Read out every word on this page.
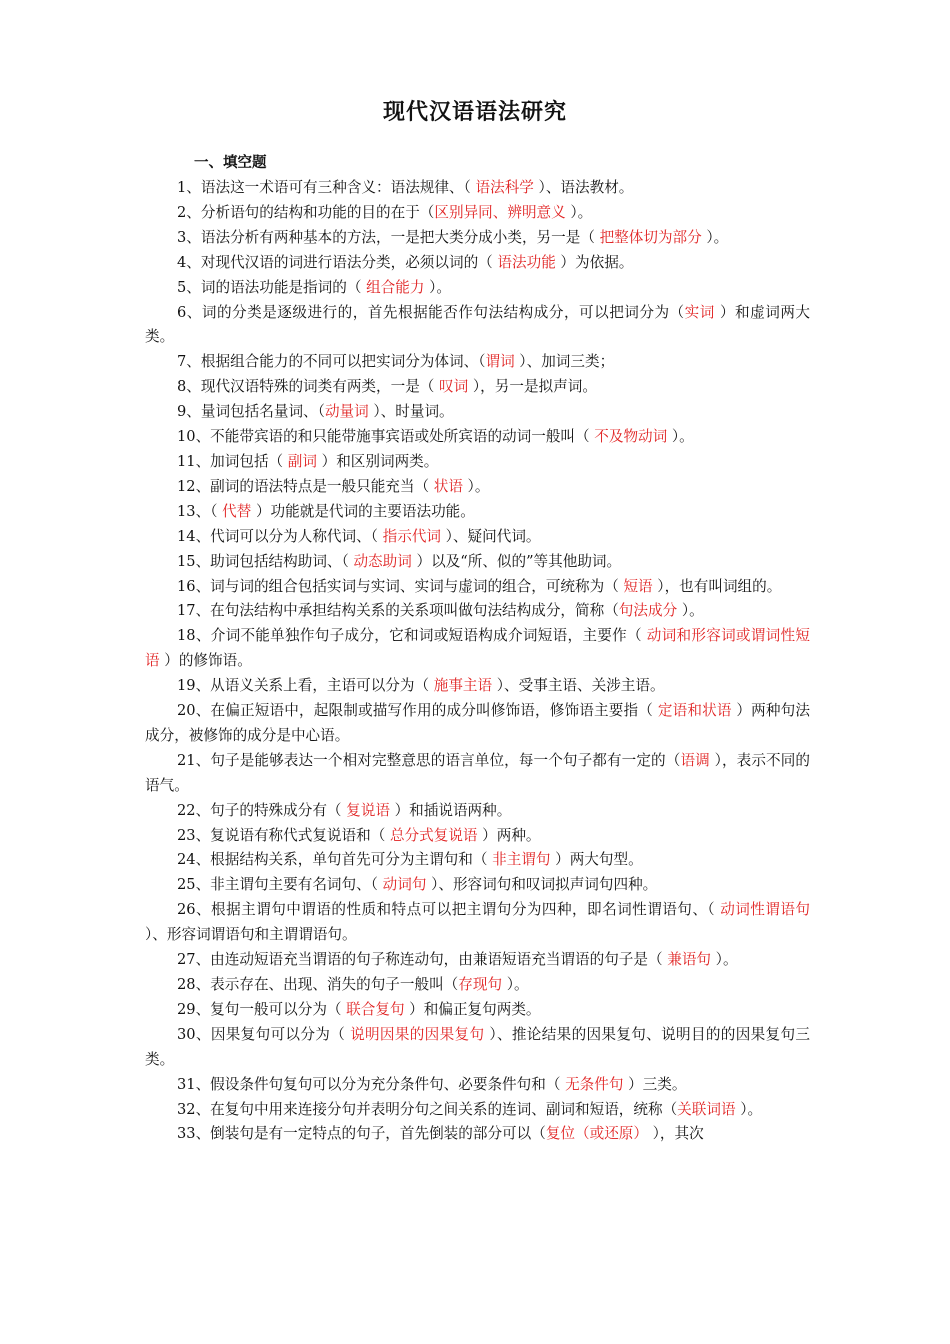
现代汉语语法研究
一、填空题
1、语法这一术语可有三种含义：语法规律、（ 语法科学 ）、语法教材。
2、分析语句的结构和功能的目的在于（区别异同、辨明意义 ）。
3、语法分析有两种基本的方法，一是把大类分成小类，另一是（ 把整体切为部分 ）。
4、对现代汉语的词进行语法分类，必须以词的（ 语法功能 ）为依据。
5、词的语法功能是指词的（ 组合能力 ）。
6、词的分类是逐级进行的，首先根据能否作句法结构成分，可以把词分为（实词 ）和虚词两大类。
7、根据组合能力的不同可以把实词分为体词、（谓词 ）、加词三类；
8、现代汉语特殊的词类有两类，一是（ 叹词 ），另一是拟声词。
9、量词包括名量词、（动量词 ）、时量词。
10、不能带宾语的和只能带施事宾语或处所宾语的动词一般叫（ 不及物动词 ）。
11、加词包括（ 副词 ）和区别词两类。
12、副词的语法特点是一般只能充当（ 状语 ）。
13、（ 代替 ）功能就是代词的主要语法功能。
14、代词可以分为人称代词、（ 指示代词 ）、疑问代词。
15、助词包括结构助词、（ 动态助词 ）以及“所、似的”等其他助词。
16、词与词的组合包括实词与实词、实词与虚词的组合，可统称为（ 短语 ），也有叫词组的。
17、在句法结构中承担结构关系的关系项叫做句法结构成分，简称（句法成分 ）。
18、介词不能单独作句子成分，它和词或短语构成介词短语，主要作（ 动词和形容词或谓词性短语 ）的修饰语。
19、从语义关系上看，主语可以分为（ 施事主语 ）、受事主语、关涉主语。
20、在偏正短语中，起限制或描写作用的成分叫修饰语，修饰语主要指（ 定语和状语 ）两种句法成分，被修饰的成分是中心语。
21、句子是能够表达一个相对完整意思的语言单位，每一个句子都有一定的（语调 ），表示不同的语气。
22、句子的特殊成分有（ 复说语 ）和插说语两种。
23、复说语有称代式复说语和（ 总分式复说语 ）两种。
24、根据结构关系，单句首先可分为主谓句和（ 非主谓句 ）两大句型。
25、非主谓句主要有名词句、（ 动词句 ）、形容词句和叹词拟声词句四种。
26、根据主谓句中谓语的性质和特点可以把主谓句分为四种，即名词性谓语句、（ 动词性谓语句 ）、形容词谓语句和主谓谓语句。
27、由连动短语充当谓语的句子称连动句，由兼语短语充当谓语的句子是（ 兼语句 ）。
28、表示存在、出现、消失的句子一般叫（存现句 ）。
29、复句一般可以分为（ 联合复句 ）和偏正复句两类。
30、因果复句可以分为（ 说明因果的因果复句 ）、推论结果的因果复句、说明目的的因果复句三类。
31、假设条件句复句可以分为充分条件句、必要条件句和（ 无条件句 ）三类。
32、在复句中用来连接分句并表明分句之间关系的连词、副词和短语，统称（关联词语 ）。
33、倒装句是有一定特点的句子，首先倒装的部分可以（复位（或还原） ），其次
